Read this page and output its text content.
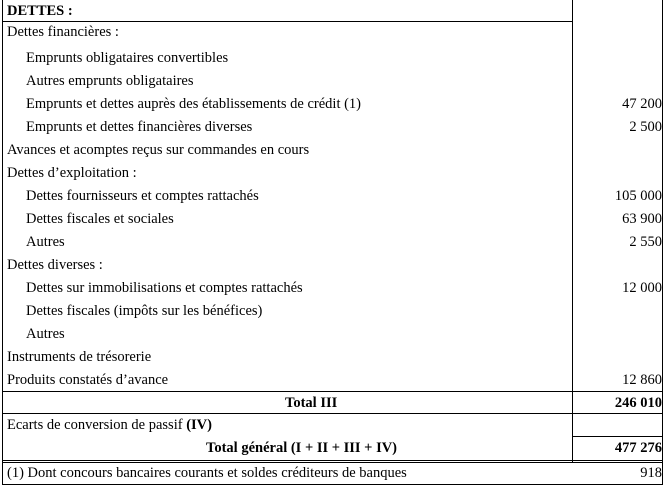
DETTES :
Dettes financières :
Emprunts obligataires convertibles
Autres emprunts obligataires
Emprunts et dettes auprès des établissements de crédit (1)	47 200
Emprunts et dettes financières diverses	2 500
Avances et acomptes reçus sur commandes en cours
Dettes d’exploitation :
Dettes fournisseurs et comptes rattachés	105 000
Dettes fiscales et sociales	63 900
Autres	2 550
Dettes diverses :
Dettes sur immobilisations et comptes rattachés	12 000
Dettes fiscales (impôts sur les bénéfices)
Autres
Instruments de trésorerie
Produits constatés d’avance	12 860
Total III	246 010
Ecarts de conversion de passif (IV)
Total général (I + II + III + IV)	477 276
(1) Dont concours bancaires courants et soldes créditeurs de banques	918
